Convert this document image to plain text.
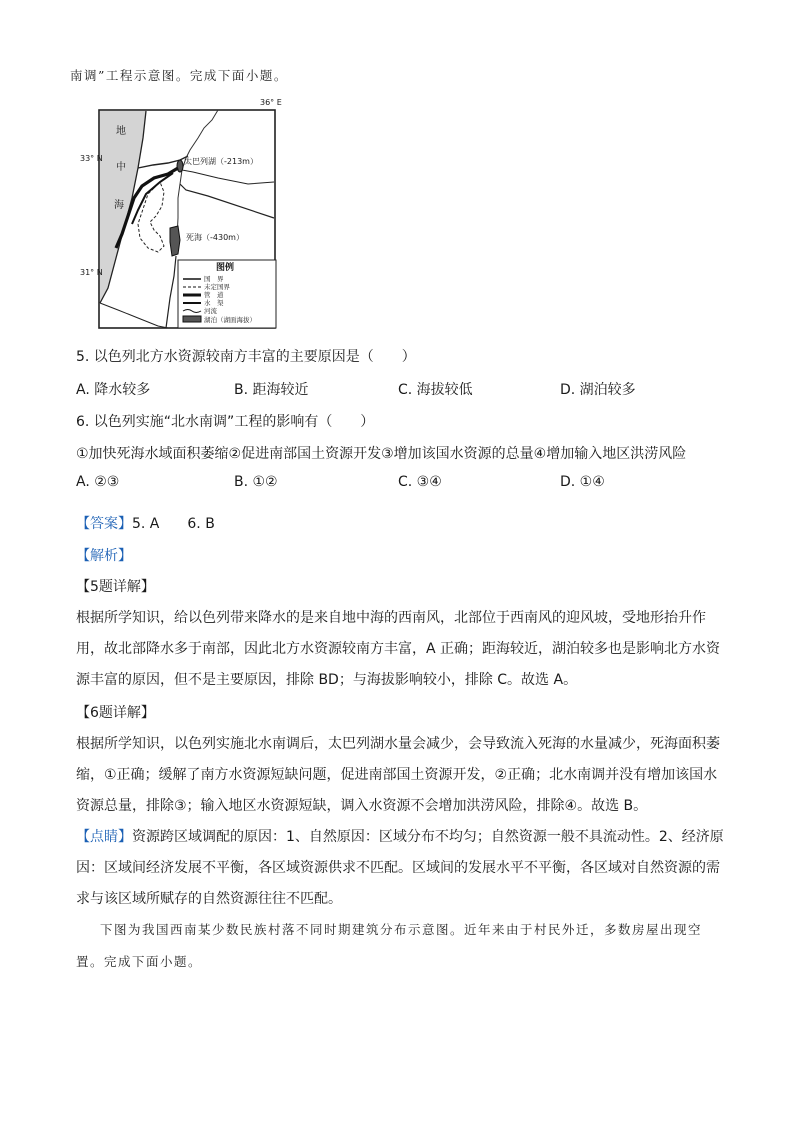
南调”工程示意图。完成下面小题。
36° E
33° N
31° N
地
中
海
太巴列湖（-213m）
死海（-430m）
图例
国　界
未定国界
管　道
水　渠
河流
湖泊（湖面海拔）
5. 以色列北方水资源较南方丰富的主要原因是（　　）
A. 降水较多	B. 距海较近	C. 海拔较低	D. 湖泊较多
6. 以色列实施“北水南调”工程的影响有（　　）
①加快死海水域面积萎缩②促进南部国土资源开发③增加该国水资源的总量④增加输入地区洪涝风险
A. ②③	B. ①②	C. ③④	D. ①④
【答案】5. A　　6. B
【解析】
【5题详解】
根据所学知识，给以色列带来降水的是来自地中海的西南风，北部位于西南风的迎风坡，受地形抬升作
用，故北部降水多于南部，因此北方水资源较南方丰富，A 正确；距海较近，湖泊较多也是影响北方水资
源丰富的原因，但不是主要原因，排除 BD；与海拔影响较小，排除 C。故选 A。
【6题详解】
根据所学知识，以色列实施北水南调后，太巴列湖水量会减少，会导致流入死海的水量减少，死海面积萎
缩，①正确；缓解了南方水资源短缺问题，促进南部国土资源开发，②正确；北水南调并没有增加该国水
资源总量，排除③；输入地区水资源短缺，调入水资源不会增加洪涝风险，排除④。故选 B。
【点睛】资源跨区域调配的原因：1、自然原因：区域分布不均匀；自然资源一般不具流动性。2、经济原
因：区域间经济发展不平衡，各区域资源供求不匹配。区域间的发展水平不平衡，各区域对自然资源的需
求与该区域所赋存的自然资源往往不匹配。
下图为我国西南某少数民族村落不同时期建筑分布示意图。近年来由于村民外迁，多数房屋出现空
置。完成下面小题。
